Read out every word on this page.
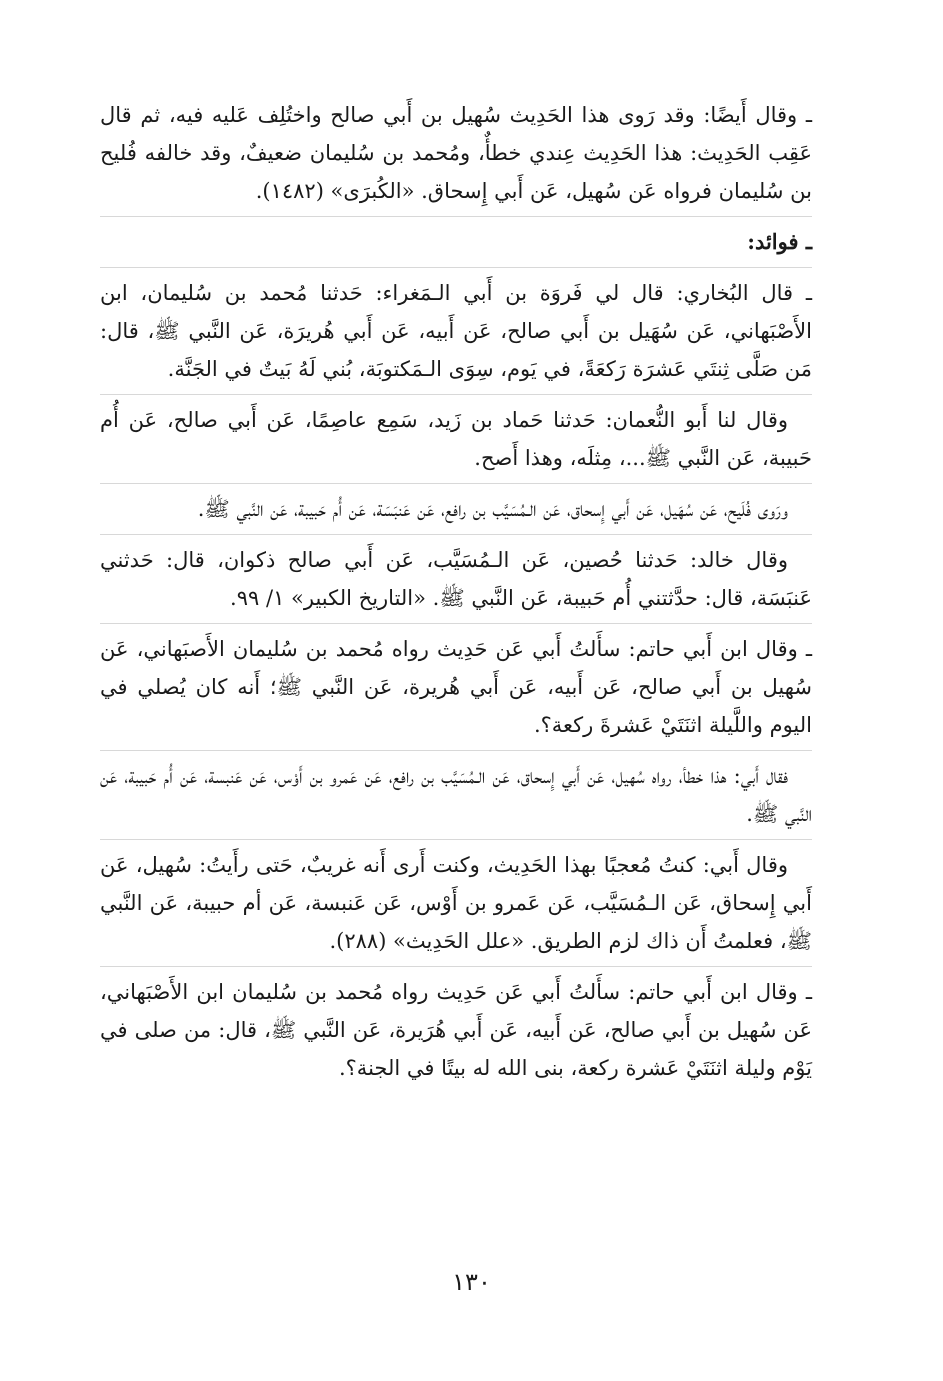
ـ وقال أَيضًا: وقد رَوى هذا الحَدِيث سُهيل بن أَبي صالح واختُلِف عَليه فيه، ثم قال عَقِب الحَدِيث: هذا الحَدِيث عِندي خطأٌ، ومُحمد بن سُليمان ضعيفٌ، وقد خالفه فُليح بن سُليمان فرواه عَن سُهيل، عَن أَبي إِسحاق. «الكُبرَى» (١٤٨٢).

ـ فوائد:

ـ قال البُخاري: قال لي فَروَة بن أَبي الـمَغراء: حَدثنا مُحمد بن سُليمان، ابن الأَصْبَهاني، عَن سُهَيل بن أَبي صالح، عَن أَبيه، عَن أَبي هُريرَة، عَن النَّبي ﷺ، قال: مَن صَلَّى ثِنتَي عَشرَة رَكعَةً، في يَوم، سِوَى الـمَكتوبَة، بُني لَهُ بَيتٌ في الجَنَّة.

وقال لنا أَبو النُّعمان: حَدثنا حَماد بن زَيد، سَمِع عاصِمًا، عَن أَبي صالح، عَن أُم حَبيبة، عَن النَّبي ﷺ...، مِثلَه، وهذا أَصح.

ورَوى فُلَيح، عَن سُهَيل، عَن أَبي إِسحاق، عَن الـمُسَيَّب بن رافع، عَن عَنبَسَة، عَن أُم حَبيبة، عَن النَّبي ﷺ.

وقال خالد: حَدثنا حُصين، عَن الـمُسَيَّب، عَن أَبي صالح ذكوان، قال: حَدثني عَنبَسَة، قال: حدَّثتني أُم حَبيبة، عَن النَّبي ﷺ. «التاريخ الكبير» ١/ ٩٩.

ـ وقال ابن أَبي حاتم: سأَلتُ أَبي عَن حَدِيث رواه مُحمد بن سُليمان الأَصبَهاني، عَن سُهيل بن أَبي صالح، عَن أَبيه، عَن أَبي هُريرة، عَن النَّبي ﷺ؛ أَنه كان يُصلي في اليوم واللَّيلة اثنَتَيْ عَشرةَ ركعة؟.

فقال أَبي: هذا خطأ، رواه سُهيل، عَن أَبي إِسحاق، عَن الـمُسَيَّب بن رافع، عَن عَمرو بن أَوْس، عَن عَنبسة، عَن أُم حَبيبة، عَن النَّبي ﷺ.

وقال أَبي: كنتُ مُعجبًا بهذا الحَدِيث، وكنت أَرى أَنه غريبٌ، حَتى رأَيتُ: سُهيل، عَن أَبي إِسحاق، عَن الـمُسَيَّب، عَن عَمرو بن أَوْس، عَن عَنبسة، عَن أم حبيبة، عَن النَّبي ﷺ، فعلمتُ أَن ذاك لزم الطريق. «علل الحَدِيث» (٢٨٨).

ـ وقال ابن أَبي حاتم: سأَلتُ أَبي عَن حَدِيث رواه مُحمد بن سُليمان ابن الأَصْبَهاني، عَن سُهيل بن أَبي صالح، عَن أَبيه، عَن أَبي هُرَيرة، عَن النَّبي ﷺ، قال: من صلى في يَوْم وليلة اثنَتَيْ عَشرة ركعة، بنى الله له بيتًا في الجنة؟.

١٣٠
